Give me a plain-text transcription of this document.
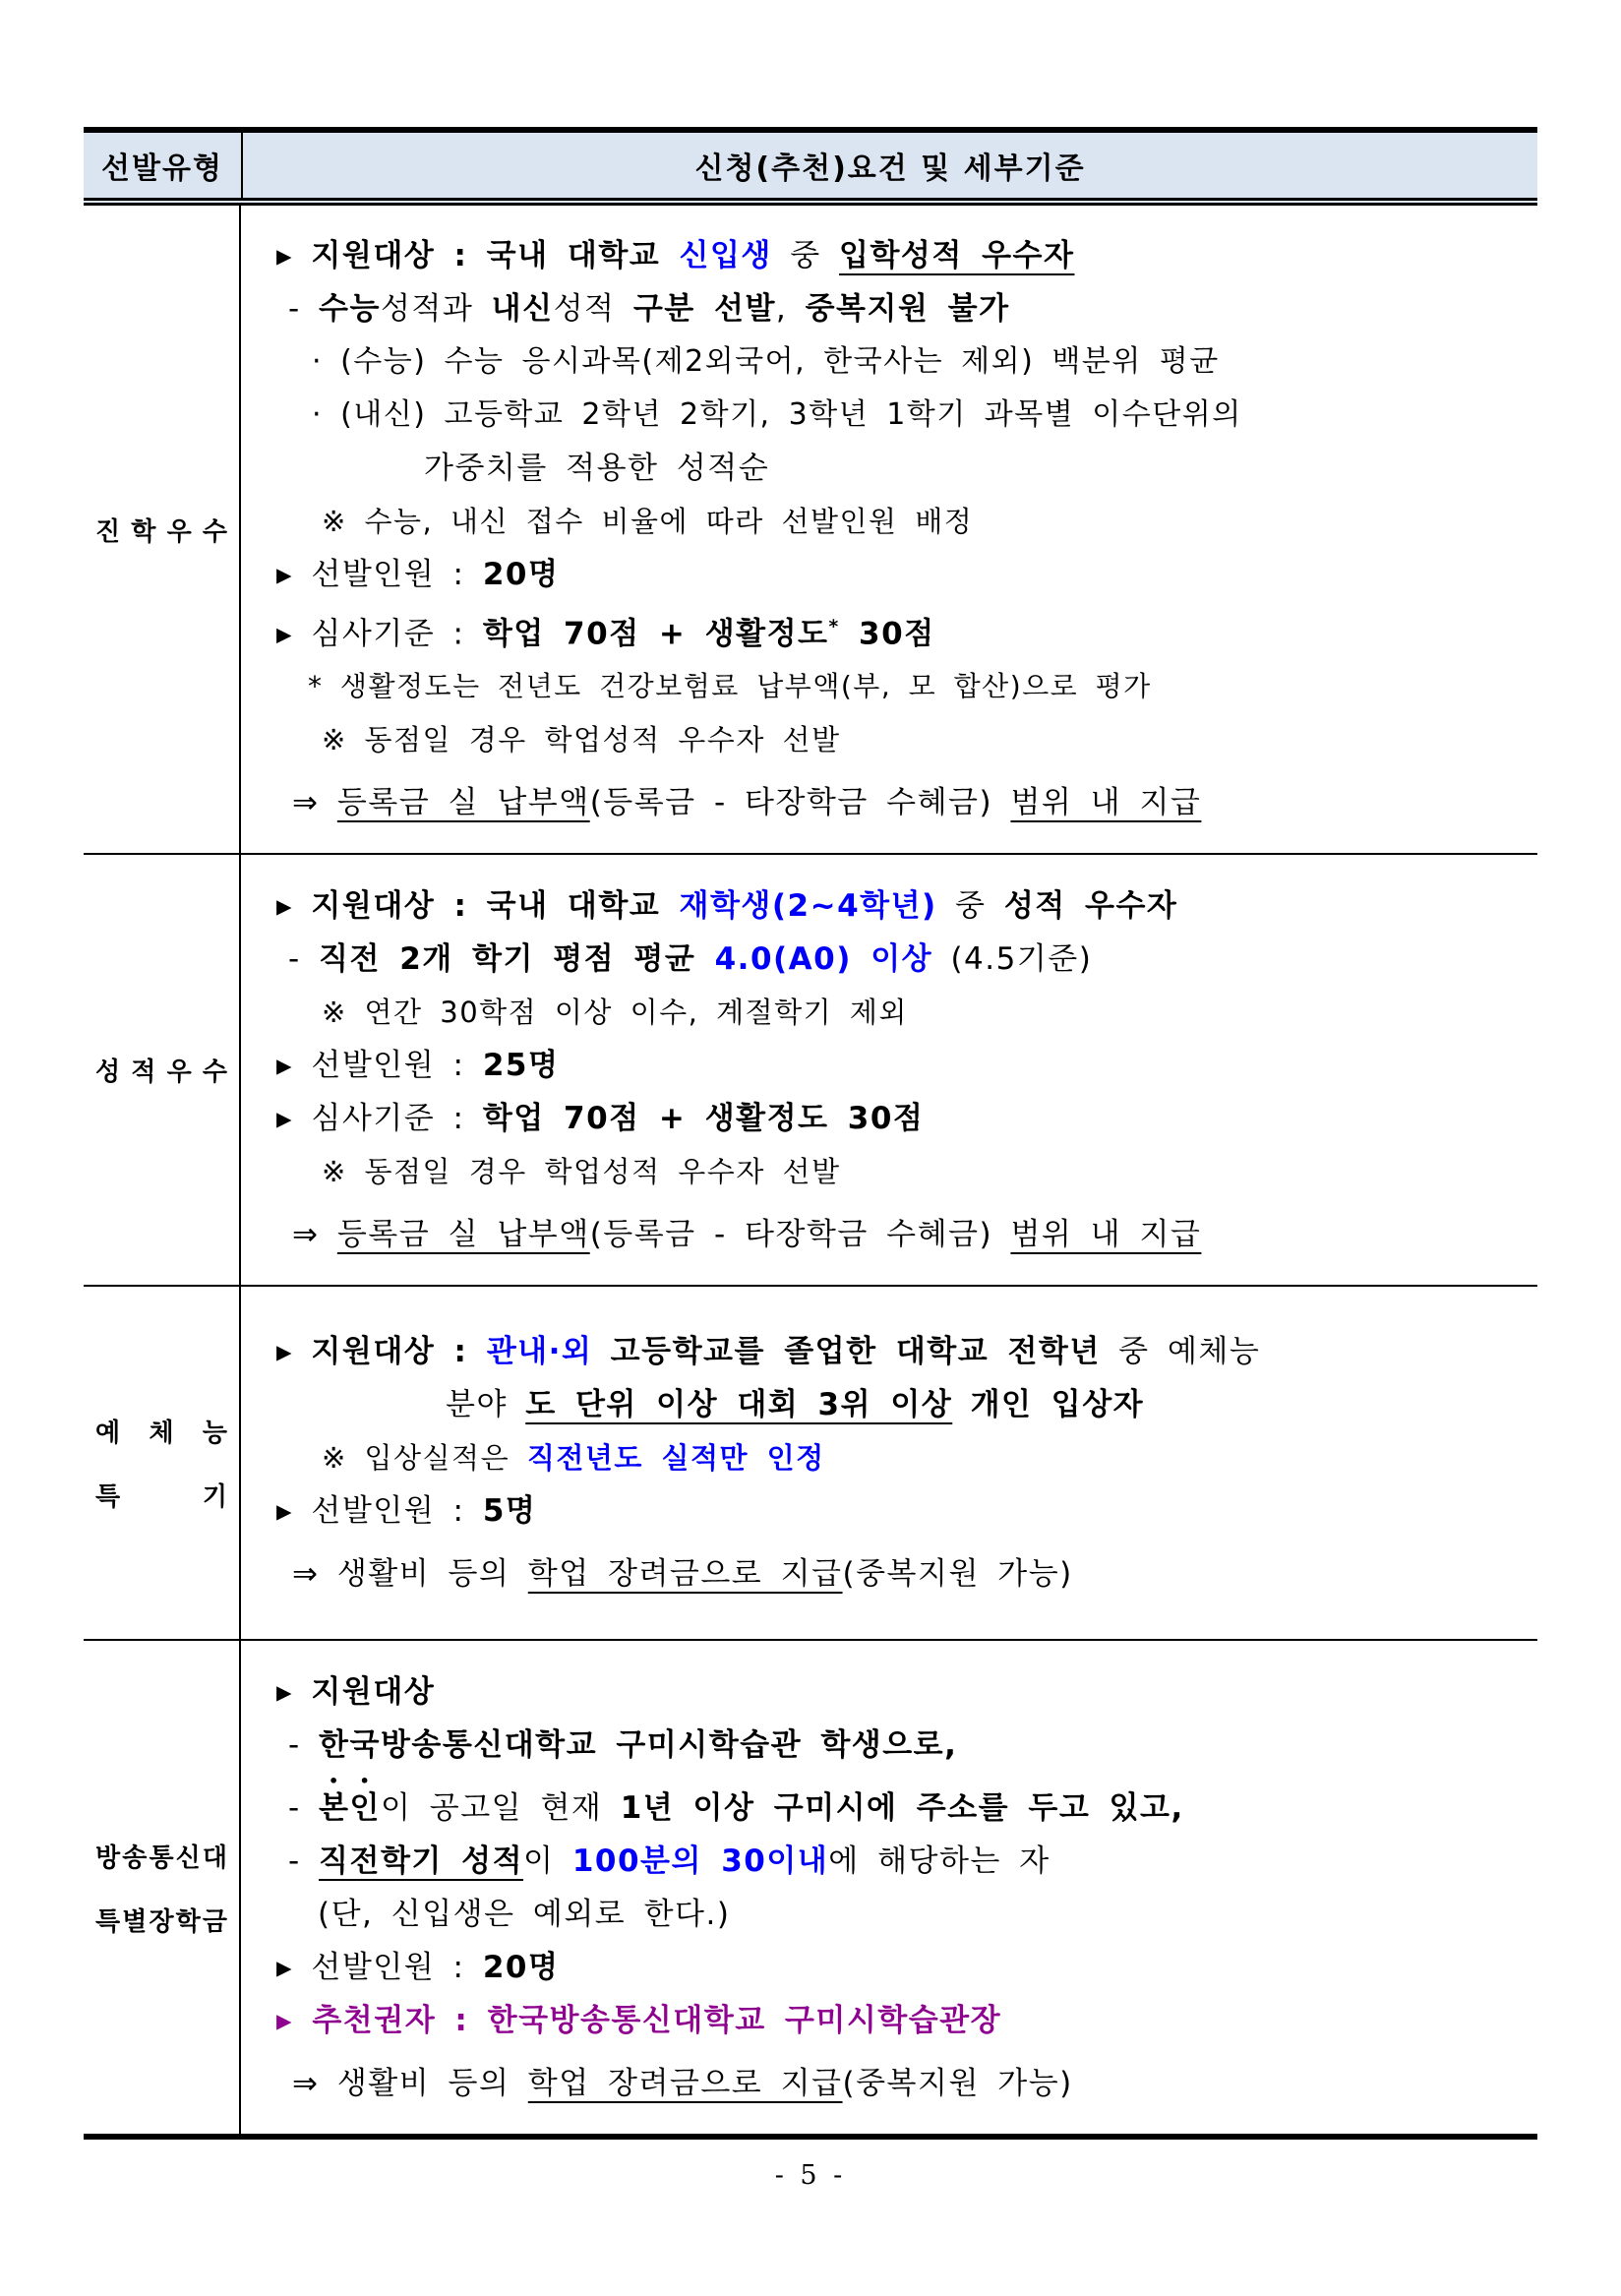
선발유형	신청(추천)요건 및 세부기준
진 학 우 수
▸ 지원대상 : 국내 대학교 신입생 중 입학성적 우수자
- 수능성적과 내신성적 구분 선발, 중복지원 불가
· (수능) 수능 응시과목(제2외국어, 한국사는 제외) 백분위 평균
· (내신) 고등학교 2학년 2학기, 3학년 1학기 과목별 이수단위의
가중치를 적용한 성적순
※ 수능, 내신 접수 비율에 따라 선발인원 배정
▸ 선발인원 : 20명
▸ 심사기준 : 학업 70점 + 생활정도* 30점
* 생활정도는 전년도 건강보험료 납부액(부, 모 합산)으로 평가
※ 동점일 경우 학업성적 우수자 선발
⇒ 등록금 실 납부액(등록금 - 타장학금 수혜금) 범위 내 지급
성 적 우 수
▸ 지원대상 : 국내 대학교 재학생(2~4학년) 중 성적 우수자
- 직전 2개 학기 평점 평균 4.0(A0) 이상 (4.5기준)
※ 연간 30학점 이상 이수, 계절학기 제외
▸ 선발인원 : 25명
▸ 심사기준 : 학업 70점 + 생활정도 30점
※ 동점일 경우 학업성적 우수자 선발
⇒ 등록금 실 납부액(등록금 - 타장학금 수혜금) 범위 내 지급
예 체 능
특	기
▸ 지원대상 : 관내·외 고등학교를 졸업한 대학교 전학년 중 예체능
분야 도 단위 이상 대회 3위 이상 개인 입상자
※ 입상실적은 직전년도 실적만 인정
▸ 선발인원 : 5명
⇒ 생활비 등의 학업 장려금으로 지급(중복지원 가능)
방 송 통 신 대
특 별 장 학 금
▸ 지원대상
- 한국방송통신대학교 구미시학습관 학생으로,
- 본인이 공고일 현재 1년 이상 구미시에 주소를 두고 있고,
- 직전학기 성적이 100분의 30이내에 해당하는 자
(단, 신입생은 예외로 한다.)
▸ 선발인원 : 20명
▸ 추천권자 : 한국방송통신대학교 구미시학습관장
⇒ 생활비 등의 학업 장려금으로 지급(중복지원 가능)
- 5 -
